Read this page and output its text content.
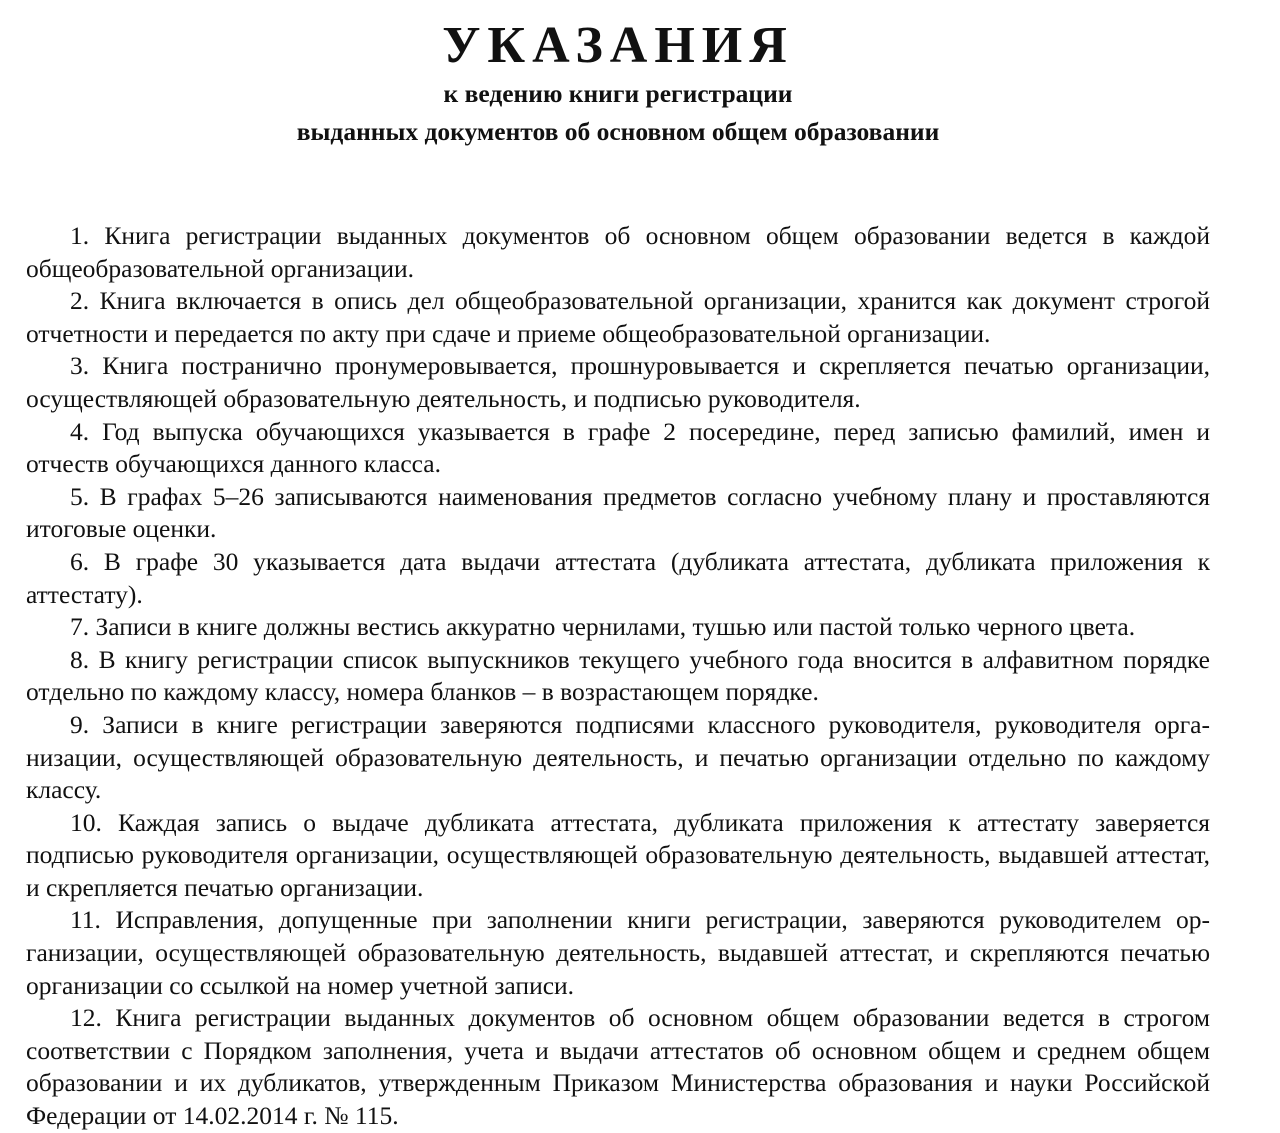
УКАЗАНИЯ
к ведению книги регистрации
выданных документов об основном общем образовании

1. Книга регистрации выданных документов об основном общем образовании ведется в каждой общеобразовательной организации.

2. Книга включается в опись дел общеобразовательной организации, хранится как документ строгой отчетности и передается по акту при сдаче и приеме общеобразовательной организации.

3. Книга постранично пронумеровывается, прошнуровывается и скрепляется печатью организации, осуществляющей образовательную деятельность, и подписью руководителя.

4. Год выпуска обучающихся указывается в графе 2 посередине, перед записью фамилий, имен и отчеств обучающихся данного класса.

5. В графах 5–26 записываются наименования предметов согласно учебному плану и проставляются итоговые оценки.

6. В графе 30 указывается дата выдачи аттестата (дубликата аттестата, дубликата приложения к аттестату).

7. Записи в книге должны вестись аккуратно чернилами, тушью или пастой только черного цвета.

8. В книгу регистрации список выпускников текущего учебного года вносится в алфавитном порядке отдельно по каждому классу, номера бланков – в возрастающем порядке.

9. Записи в книге регистрации заверяются подписями классного руководителя, руководителя организации, осуществляющей образовательную деятельность, и печатью организации отдельно по каждому классу.

10. Каждая запись о выдаче дубликата аттестата, дубликата приложения к аттестату заверяется подписью руководителя организации, осуществляющей образовательную деятельность, выдавшей аттестат, и скрепляется печатью организации.

11. Исправления, допущенные при заполнении книги регистрации, заверяются руководителем организации, осуществляющей образовательную деятельность, выдавшей аттестат, и скрепляются печатью организации со ссылкой на номер учетной записи.

12. Книга регистрации выданных документов об основном общем образовании ведется в строгом соответствии с Порядком заполнения, учета и выдачи аттестатов об основном общем и среднем общем образовании и их дубликатов, утвержденным Приказом Министерства образования и науки Российской Федерации от 14.02.2014 г. № 115.
